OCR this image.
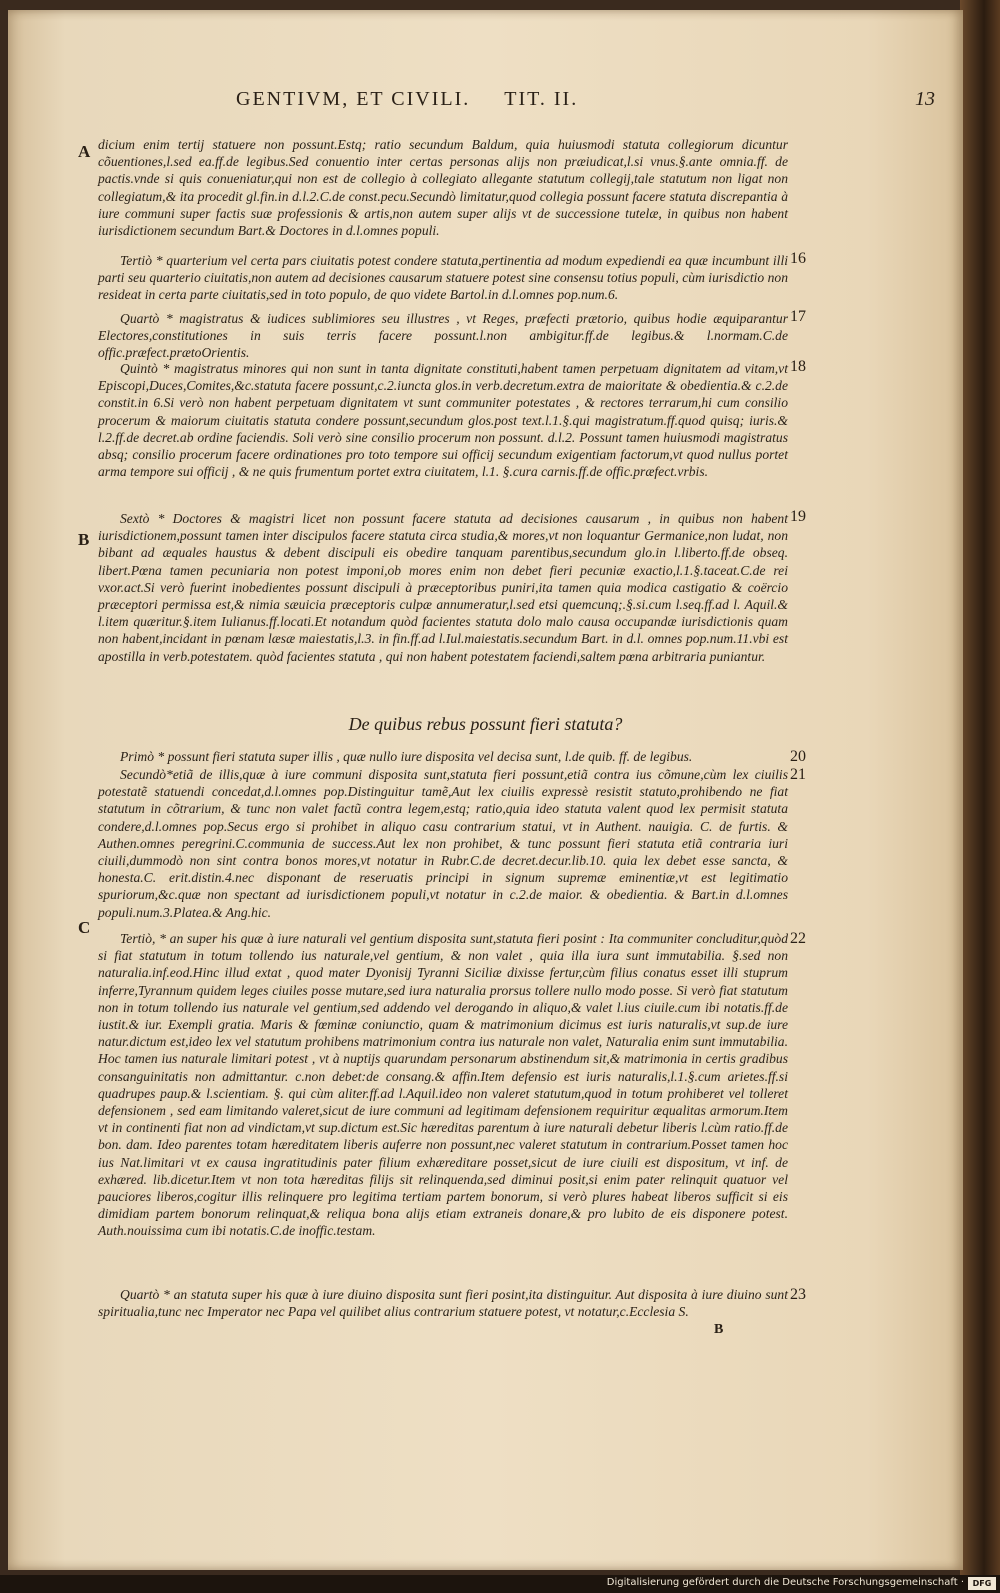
GENTIVM, ET CIVILI. TIT. II.	13
A
B
C
16
17
18
19
20
21
22
23

dicium enim tertij statuere non possunt.Estq; ratio secundum Baldum, quia huiusmodi statuta collegiorum dicuntur cõuentiones,l.sed ea.ff.de legibus.Sed conuentio inter certas personas alijs non præiudicat,l.si vnus.§.ante omnia.ff. de pactis.vnde si quis conueniatur,qui non est de collegio à collegiato allegante statutum collegij,tale statutum non ligat non collegiatum,& ita procedit gl.fin.in d.l.2.C.de const.pecu.Secundò limitatur,quod collegia possunt facere statuta discrepantia à iure communi super factis suæ professionis & artis,non autem super alijs vt de successione tutelæ, in quibus non habent iurisdictionem secundum Bart.& Doctores in d.l.omnes populi.

Tertiò * quarterium vel certa pars ciuitatis potest condere statuta,pertinentia ad modum expediendi ea quæ incumbunt illi parti seu quarterio ciuitatis,non autem ad decisiones causarum statuere potest sine consensu totius populi, cùm iurisdictio non resideat in certa parte ciuitatis,sed in toto populo, de quo videte Bartol.in d.l.omnes pop.num.6.

Quartò * magistratus & iudices sublimiores seu illustres , vt Reges, præfecti prætorio, quibus hodie æquiparantur Electores,constitutiones in suis terris facere possunt.l.non ambigitur.ff.de legibus.& l.normam.C.de offic.præfect.prætoOrientis.

Quintò * magistratus minores qui non sunt in tanta dignitate constituti,habent tamen perpetuam dignitatem ad vitam,vt Episcopi,Duces,Comites,&c.statuta facere possunt,c.2.iuncta glos.in verb.decretum.extra de maioritate & obedientia.& c.2.de constit.in 6.Si verò non habent perpetuam dignitatem vt sunt communiter potestates , & rectores terrarum,hi cum consilio procerum & maiorum ciuitatis statuta condere possunt,secundum glos.post text.l.1.§.qui magistratum.ff.quod quisq; iuris.& l.2.ff.de decret.ab ordine faciendis. Soli verò sine consilio procerum non possunt. d.l.2. Possunt tamen huiusmodi magistratus absq; consilio procerum facere ordinationes pro toto tempore sui officij secundum exigentiam factorum,vt quod nullus portet arma tempore sui officij , & ne quis frumentum portet extra ciuitatem, l.1. §.cura carnis.ff.de offic.præfect.vrbis.

Sextò * Doctores & magistri licet non possunt facere statuta ad decisiones causarum , in quibus non habent iurisdictionem,possunt tamen inter discipulos facere statuta circa studia,& mores,vt non loquantur Germanice,non ludat, non bibant ad æquales haustus & debent discipuli eis obedire tanquam parentibus,secundum glo.in l.liberto.ff.de obseq. libert.Pœna tamen pecuniaria non potest imponi,ob mores enim non debet fieri pecuniæ exactio,l.1.§.taceat.C.de rei vxor.act.Si verò fuerint inobedientes possunt discipuli à præceptoribus puniri,ita tamen quia modica castigatio & coërcio præceptori permissa est,& nimia sæuicia præceptoris culpæ annumeratur,l.sed etsi quemcunq;.§.si.cum l.seq.ff.ad l. Aquil.& l.item quæritur.§.item Iulianus.ff.locati.Et notandum quòd facientes statuta dolo malo causa occupandæ iurisdictionis quam non habent,incidant in pœnam læsæ maiestatis,l.3. in fin.ff.ad l.Iul.maiestatis.secundum Bart. in d.l. omnes pop.num.11.vbi est apostilla in verb.potestatem. quòd facientes statuta , qui non habent potestatem faciendi,saltem pœna arbitraria puniantur.

De quibus rebus possunt fieri statuta?

Primò * possunt fieri statuta super illis , quæ nullo iure disposita vel decisa sunt, l.de quib. ff. de legibus.

Secundò*etiã de illis,quæ à iure communi disposita sunt,statuta fieri possunt,etiã contra ius cõmune,cùm lex ciuilis potestatẽ statuendi concedat,d.l.omnes pop.Distinguitur tamẽ,Aut lex ciuilis expressè resistit statuto,prohibendo ne fiat statutum in cõtrarium, & tunc non valet factũ contra legem,estq; ratio,quia ideo statuta valent quod lex permisit statuta condere,d.l.omnes pop.Secus ergo si prohibet in aliquo casu contrarium statui, vt in Authent. nauigia. C. de furtis. & Authen.omnes peregrini.C.communia de success.Aut lex non prohibet, & tunc possunt fieri statuta etiã contraria iuri ciuili,dummodò non sint contra bonos mores,vt notatur in Rubr.C.de decret.decur.lib.10. quia lex debet esse sancta, & honesta.C. erit.distin.4.nec disponant de reseruatis principi in signum supremæ eminentiæ,vt est legitimatio spuriorum,&c.quæ non spectant ad iurisdictionem populi,vt notatur in c.2.de maior. & obedientia. & Bart.in d.l.omnes populi.num.3.Platea.& Ang.hic.

Tertiò, * an super his quæ à iure naturali vel gentium disposita sunt,statuta fieri posint : Ita communiter concluditur,quòd si fiat statutum in totum tollendo ius naturale,vel gentium, & non valet , quia illa iura sunt immutabilia. §.sed non naturalia.inf.eod.Hinc illud extat , quod mater Dyonisij Tyranni Siciliæ dixisse fertur,cùm filius conatus esset illi stuprum inferre,Tyrannum quidem leges ciuiles posse mutare,sed iura naturalia prorsus tollere nullo modo posse. Si verò fiat statutum non in totum tollendo ius naturale vel gentium,sed addendo vel derogando in aliquo,& valet l.ius ciuile.cum ibi notatis.ff.de iustit.& iur. Exempli gratia. Maris & fœminæ coniunctio, quam & matrimonium dicimus est iuris naturalis,vt sup.de iure natur.dictum est,ideo lex vel statutum prohibens matrimonium contra ius naturale non valet, Naturalia enim sunt immutabilia. Hoc tamen ius naturale limitari potest , vt à nuptijs quarundam personarum abstinendum sit,& matrimonia in certis gradibus consanguinitatis non admittantur. c.non debet:de consang.& affin.Item defensio est iuris naturalis,l.1.§.cum arietes.ff.si quadrupes paup.& l.scientiam. §. qui cùm aliter.ff.ad l.Aquil.ideo non valeret statutum,quod in totum prohiberet vel tolleret defensionem , sed eam limitando valeret,sicut de iure communi ad legitimam defensionem requiritur æqualitas armorum.Item vt in continenti fiat non ad vindictam,vt sup.dictum est.Sic hæreditas parentum à iure naturali debetur liberis l.cùm ratio.ff.de bon. dam. Ideo parentes totam hæreditatem liberis auferre non possunt,nec valeret statutum in contrarium.Posset tamen hoc ius Nat.limitari vt ex causa ingratitudinis pater filium exhæreditare posset,sicut de iure ciuili est dispositum, vt inf. de exhæred. lib.dicetur.Item vt non tota hæreditas filijs sit relinquenda,sed diminui posit,si enim pater relinquit quatuor vel pauciores liberos,cogitur illis relinquere pro legitima tertiam partem bonorum, si verò plures habeat liberos sufficit si eis dimidiam partem bonorum relinquat,& reliqua bona alijs etiam extraneis donare,& pro lubito de eis disponere potest. Auth.nouissima cum ibi notatis.C.de inoffic.testam.

Quartò * an statuta super his quæ à iure diuino disposita sunt fieri posint,ita distinguitur. Aut disposita à iure diuino sunt spiritualia,tunc nec Imperator nec Papa vel quilibet alius contrarium statuere potest, vt notatur,c.Ecclesia S.

B
Digitalisierung gefördert durch die Deutsche Forschungsgemeinschaft ·	DFG
